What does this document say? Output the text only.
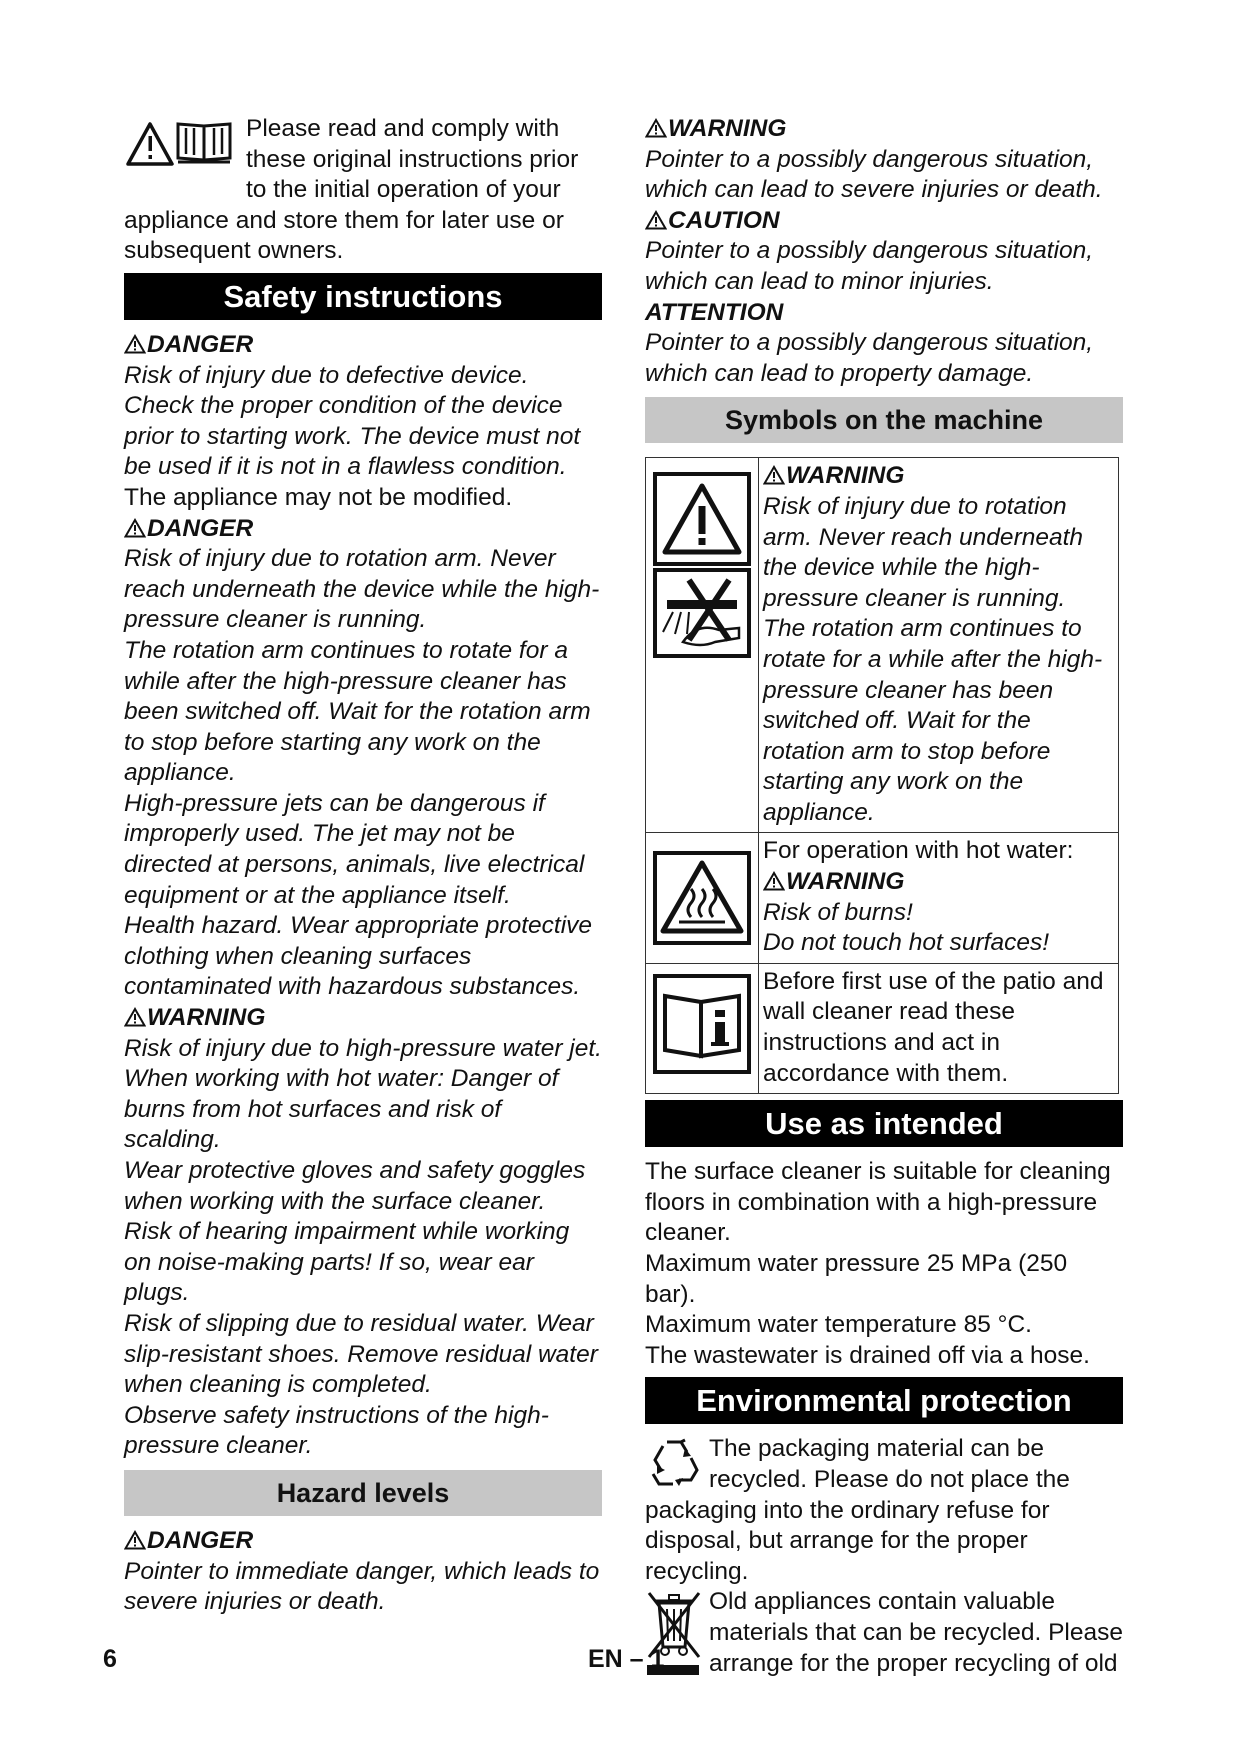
Please read and comply with these original instructions prior to the initial operation of your appliance and store them for later use or subsequent owners.

Safety instructions

DANGER

Risk of injury due to defective device. Check the proper condition of the device prior to starting work. The device must not be used if it is not in a flawless condition.

The appliance may not be modified.

DANGER

Risk of injury due to rotation arm. Never reach underneath the device while the high-pressure cleaner is running.

The rotation arm continues to rotate for a while after the high-pressure cleaner has been switched off. Wait for the rotation arm to stop before starting any work on the appliance.

High-pressure jets can be dangerous if improperly used. The jet may not be directed at persons, animals, live electrical equipment or at the appliance itself.

Health hazard. Wear appropriate protective clothing when cleaning surfaces contaminated with hazardous substances.

WARNING

Risk of injury due to high-pressure water jet.

When working with hot water: Danger of burns from hot surfaces and risk of scalding.

Wear protective gloves and safety goggles when working with the surface cleaner.

Risk of hearing impairment while working on noise-making parts! If so, wear ear plugs.

Risk of slipping due to residual water. Wear slip-resistant shoes. Remove residual water when cleaning is completed.

Observe safety instructions of the high-pressure cleaner.

Hazard levels

DANGER

Pointer to immediate danger, which leads to severe injuries or death.

WARNING

Pointer to a possibly dangerous situation, which can lead to severe injuries or death.

CAUTION

Pointer to a possibly dangerous situation, which can lead to minor injuries.

ATTENTION

Pointer to a possibly dangerous situation, which can lead to property damage.

Symbols on the machine

WARNING

Risk of injury due to rotation arm. Never reach underneath the device while the high-pressure cleaner is running.

The rotation arm continues to rotate for a while after the high-pressure cleaner has been switched off. Wait for the rotation arm to stop before starting any work on the appliance.

For operation with hot water:

WARNING

Risk of burns!

Do not touch hot surfaces!

Before first use of the patio and wall cleaner read these instructions and act in accordance with them.

Use as intended

The surface cleaner is suitable for cleaning floors in combination with a high-pressure cleaner.

Maximum water pressure 25 MPa (250 bar).

Maximum water temperature 85 °C.

The wastewater is drained off via a hose.

Environmental protection

The packaging material can be recycled. Please do not place the packaging into the ordinary refuse for disposal, but arrange for the proper recycling.

Old appliances contain valuable materials that can be recycled. Please arrange for the proper recycling of old

6	EN – 1
